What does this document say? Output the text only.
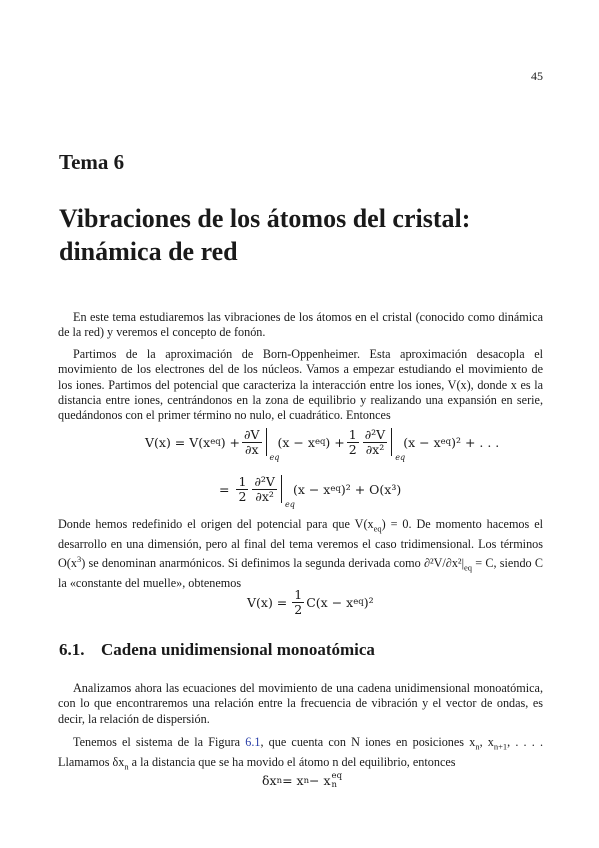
45
Tema 6
Vibraciones de los átomos del cristal:
dinámica de red

En este tema estudiaremos las vibraciones de los átomos en el cristal (conocido como dinámica de la red) y veremos el concepto de fonón.

Partimos de la aproximación de Born-Oppenheimer. Esta aproximación desacopla el movimiento de los electrones del de los núcleos. Vamos a empezar estudiando el movimiento de los iones. Partimos del potencial que caracteriza la interacción entre los iones, V(x), donde x es la distancia entre iones, centrándonos en la zona de equilibrio y realizando una expansión en serie, quedándonos con el primer término no nulo, el cuadrático. Entonces

V(x) = V(x eq ) + $\frac{\partial V}{\partial x}$
eq
(x − x eq ) + $\frac{1}{2} \frac{\text{∂²V}}{\text{∂x²}}$
eq
(x − x eq )² + . . .
= $\frac{1}{2} \frac{\text{∂²V}}{\text{∂x²}}$
eq
(x − x eq )² + O(x³)

Donde hemos redefinido el origen del potencial para que $V(x_{eq}) = 0$. De momento hacemos el desarrollo en una dimensión, pero al final del tema veremos el caso tridimensional. Los términos $O(x^3)$ se denominan anarmónicos. Si definimos la segunda derivada como $\partial^2V/\partial x^2|_{eq} = C$, siendo C la «constante del muelle», obtenemos

$V(x) = \frac{1}{2} C(x - x$ eq )²
6.1. Cadena unidimensional monoatómica

Analizamos ahora las ecuaciones del movimiento de una cadena unidimensional monoatómica, con lo que encontraremos una relación entre la frecuencia de vibración y el vector de ondas, es decir, la relación de dispersión.

Tenemos el sistema de la Figura 6.1, que cuenta con N iones en posiciones $x_n$, $x_{n+1}$, . . . . Llamamos $\delta x_n$ a la distancia que se ha movido el átomo n del equilibrio, entonces

δx n = x n − x eq
n
